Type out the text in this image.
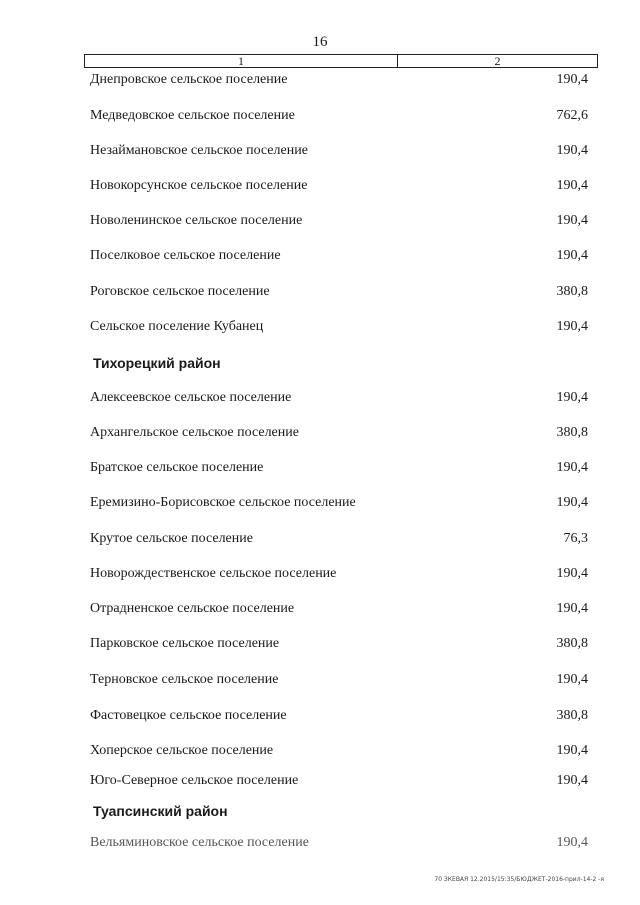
16
1	2
Днепровское сельское поселение	190,4
Медведовское сельское поселение	762,6
Незаймановское сельское поселение	190,4
Новокорсунское сельское поселение	190,4
Новоленинское сельское поселение	190,4
Поселковое сельское поселение	190,4
Роговское сельское поселение	380,8
Сельское поселение Кубанец	190,4
Тихорецкий район
Алексеевское сельское поселение	190,4
Архангельское сельское поселение	380,8
Братское сельское поселение	190,4
Еремизино-Борисовское сельское поселение	190,4
Крутое сельское поселение	76,3
Новорождественское сельское поселение	190,4
Отрадненское сельское поселение	190,4
Парковское сельское поселение	380,8
Терновское сельское поселение	190,4
Фастовецкое сельское поселение	380,8
Хоперское сельское поселение	190,4
Юго-Северное сельское поселение	190,4
Туапсинский район
Вельяминовское сельское поселение	190,4
70 ЗКЕВАЯ 12.2015/15:35/БЮДЖЕТ-2016-прил-14-2 -я
